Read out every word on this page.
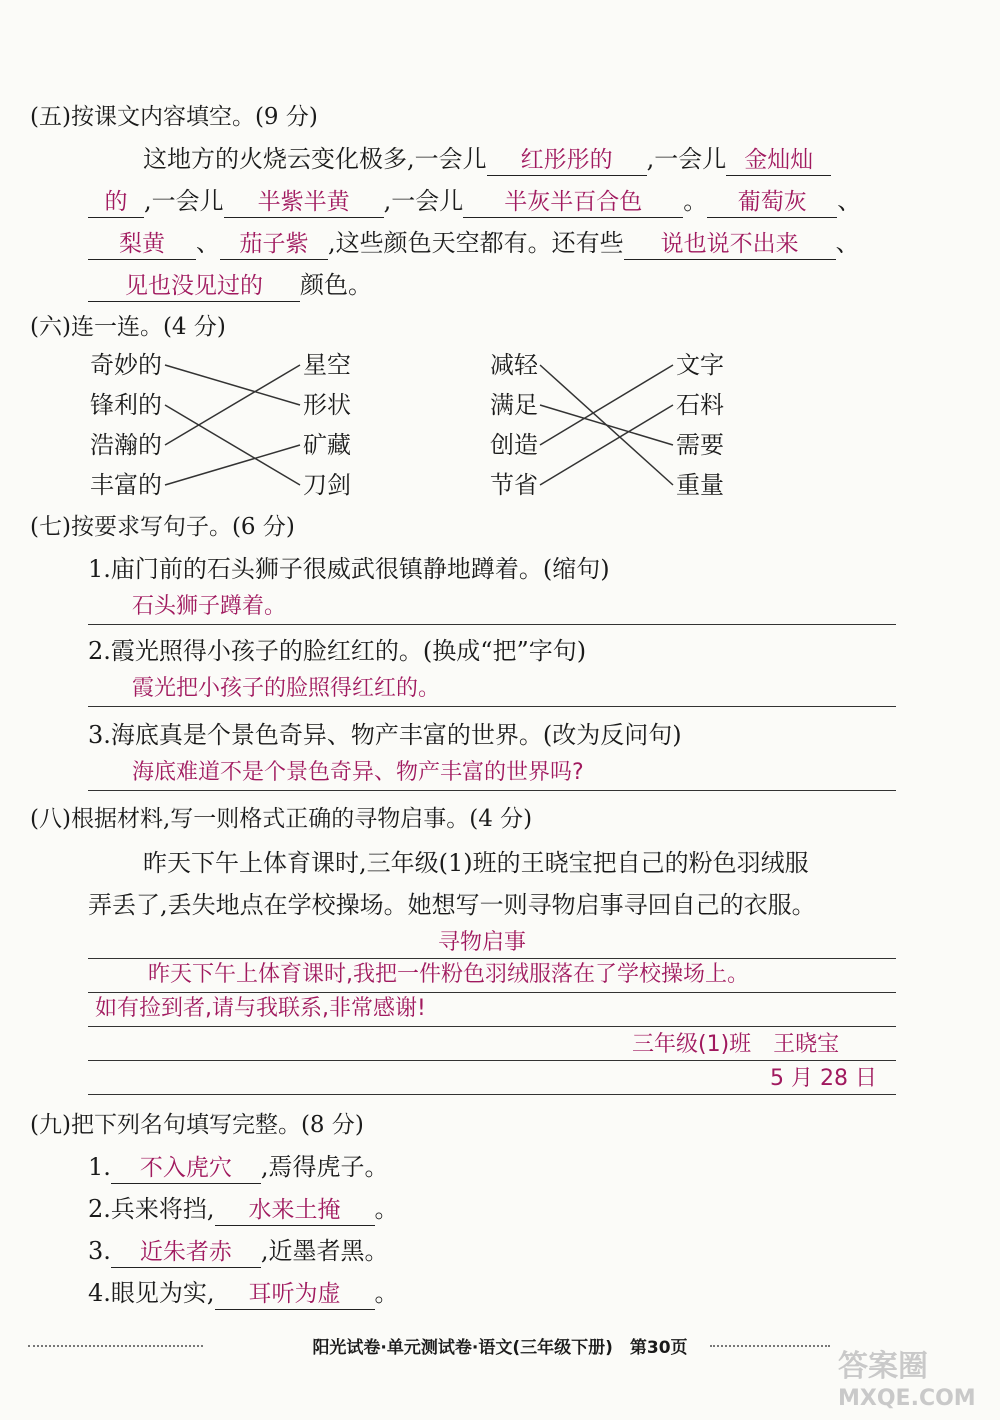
(五)按课文内容填空。(9 分)
这地方的火烧云变化极多,一会儿 红彤彤的 ,一会儿 金灿灿
的 ,一会儿 半紫半黄 ,一会儿 半灰半百合色 。 葡萄灰 、
梨黄 、 茄子紫 ,这些颜色天空都有。还有些 说也说不出来 、
见也没见过的 颜色。
(六)连一连。(4 分)
奇妙的
锋利的
浩瀚的
丰富的
星空
形状
矿藏
刀剑
减轻
满足
创造
节省
文字
石料
需要
重量
(七)按要求写句子。(6 分)
1.庙门前的石头狮子很威武很镇静地蹲着。(缩句)
石头狮子蹲着。
2.霞光照得小孩子的脸红红的。(换成“把”字句)
霞光把小孩子的脸照得红红的。
3.海底真是个景色奇异、物产丰富的世界。(改为反问句)
海底难道不是个景色奇异、物产丰富的世界吗?
(八)根据材料,写一则格式正确的寻物启事。(4 分)
昨天下午上体育课时,三年级(1)班的王晓宝把自己的粉色羽绒服
弄丢了,丢失地点在学校操场。她想写一则寻物启事寻回自己的衣服。
寻物启事
昨天下午上体育课时,我把一件粉色羽绒服落在了学校操场上。
如有捡到者,请与我联系,非常感谢!
三年级(1)班　王晓宝
5 月 28 日
(九)把下列名句填写完整。(8 分)
1. 不入虎穴 ,焉得虎子。
2.兵来将挡, 水来土掩 。
3. 近朱者赤 ,近墨者黑。
4.眼见为实, 耳听为虚 。
阳光试卷·单元测试卷·语文(三年级下册)　第30页
答案圈
MXQE.COM
